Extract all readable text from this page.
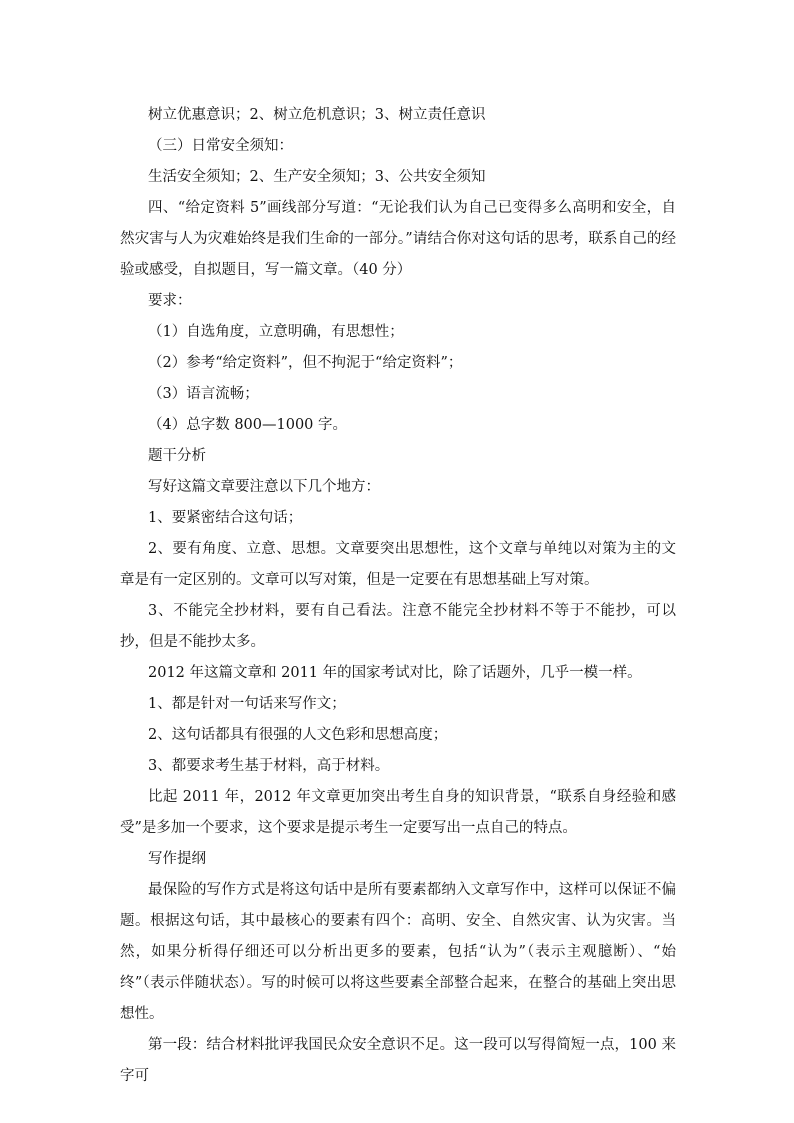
树立优惠意识；2、树立危机意识；3、树立责任意识

（三）日常安全须知：

生活安全须知；2、生产安全须知；3、公共安全须知

四、“给定资料 5”画线部分写道：“无论我们认为自己已变得多么高明和安全，自然灾害与人为灾难始终是我们生命的一部分。”请结合你对这句话的思考，联系自己的经验或感受，自拟题目，写一篇文章。（40 分）

要求：

（1）自选角度，立意明确，有思想性；

（2）参考“给定资料”，但不拘泥于“给定资料”；

（3）语言流畅；

（4）总字数 800—1000 字。

题干分析

写好这篇文章要注意以下几个地方：

1、要紧密结合这句话；

2、要有角度、立意、思想。文章要突出思想性，这个文章与单纯以对策为主的文章是有一定区别的。文章可以写对策，但是一定要在有思想基础上写对策。

3、不能完全抄材料，要有自己看法。注意不能完全抄材料不等于不能抄，可以抄，但是不能抄太多。

2012 年这篇文章和 2011 年的国家考试对比，除了话题外，几乎一模一样。

1、都是针对一句话来写作文；

2、这句话都具有很强的人文色彩和思想高度；

3、都要求考生基于材料，高于材料。

比起 2011 年，2012 年文章更加突出考生自身的知识背景，“联系自身经验和感受”是多加一个要求，这个要求是提示考生一定要写出一点自己的特点。

写作提纲

最保险的写作方式是将这句话中是所有要素都纳入文章写作中，这样可以保证不偏题。根据这句话，其中最核心的要素有四个：高明、安全、自然灾害、认为灾害。当然，如果分析得仔细还可以分析出更多的要素，包括“认为”（表示主观臆断）、“始终”（表示伴随状态）。写的时候可以将这些要素全部整合起来，在整合的基础上突出思想性。

第一段：结合材料批评我国民众安全意识不足。这一段可以写得简短一点，100 来字可
